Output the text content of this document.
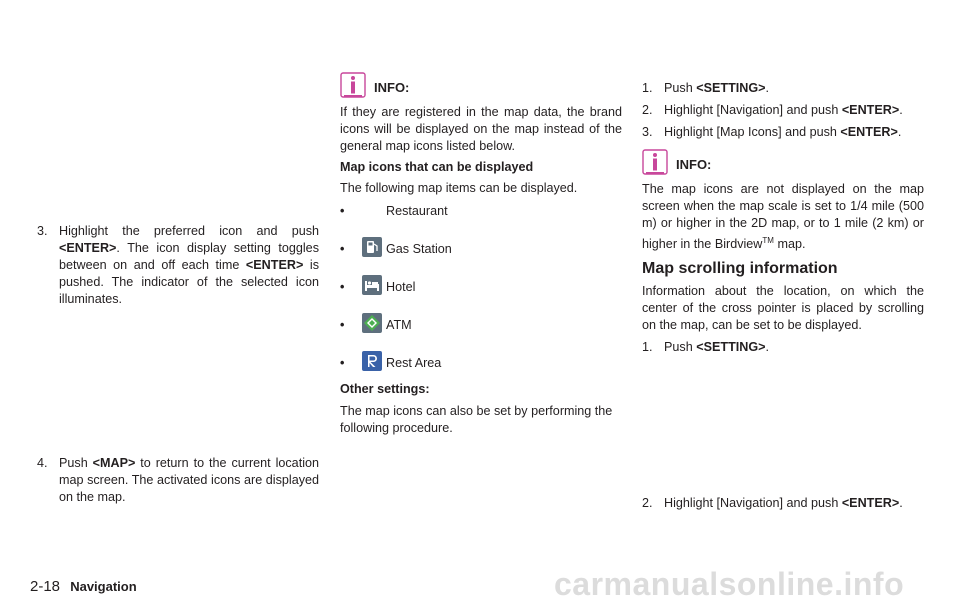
3. Highlight the preferred icon and push <ENTER>. The icon display setting toggles between on and off each time <ENTER> is pushed. The indicator of the selected icon illuminates.
4. Push <MAP> to return to the current location map screen. The activated icons are displayed on the map.
INFO:

If they are registered in the map data, the brand icons will be displayed on the map instead of the general map icons listed below.

Map icons that can be displayed

The following map items can be displayed.

•	Restaurant
•	Gas Station
•	Hotel
•	ATM
•	Rest Area

Other settings:

The map icons can also be set by performing the following procedure.

1. Push <SETTING>.
2. Highlight [Navigation] and push <ENTER>.
3. Highlight [Map Icons] and push <ENTER>.
INFO:

The map icons are not displayed on the map screen when the map scale is set to 1/4 mile (500 m) or higher in the 2D map, or to 1 mile (2 km) or higher in the Birdview™ map.

Map scrolling information

Information about the location, on which the center of the cross pointer is placed by scrolling on the map, can be set to be displayed.

1. Push <SETTING>.
2. Highlight [Navigation] and push <ENTER>.
2-18 Navigation	carmanualsonline.info
